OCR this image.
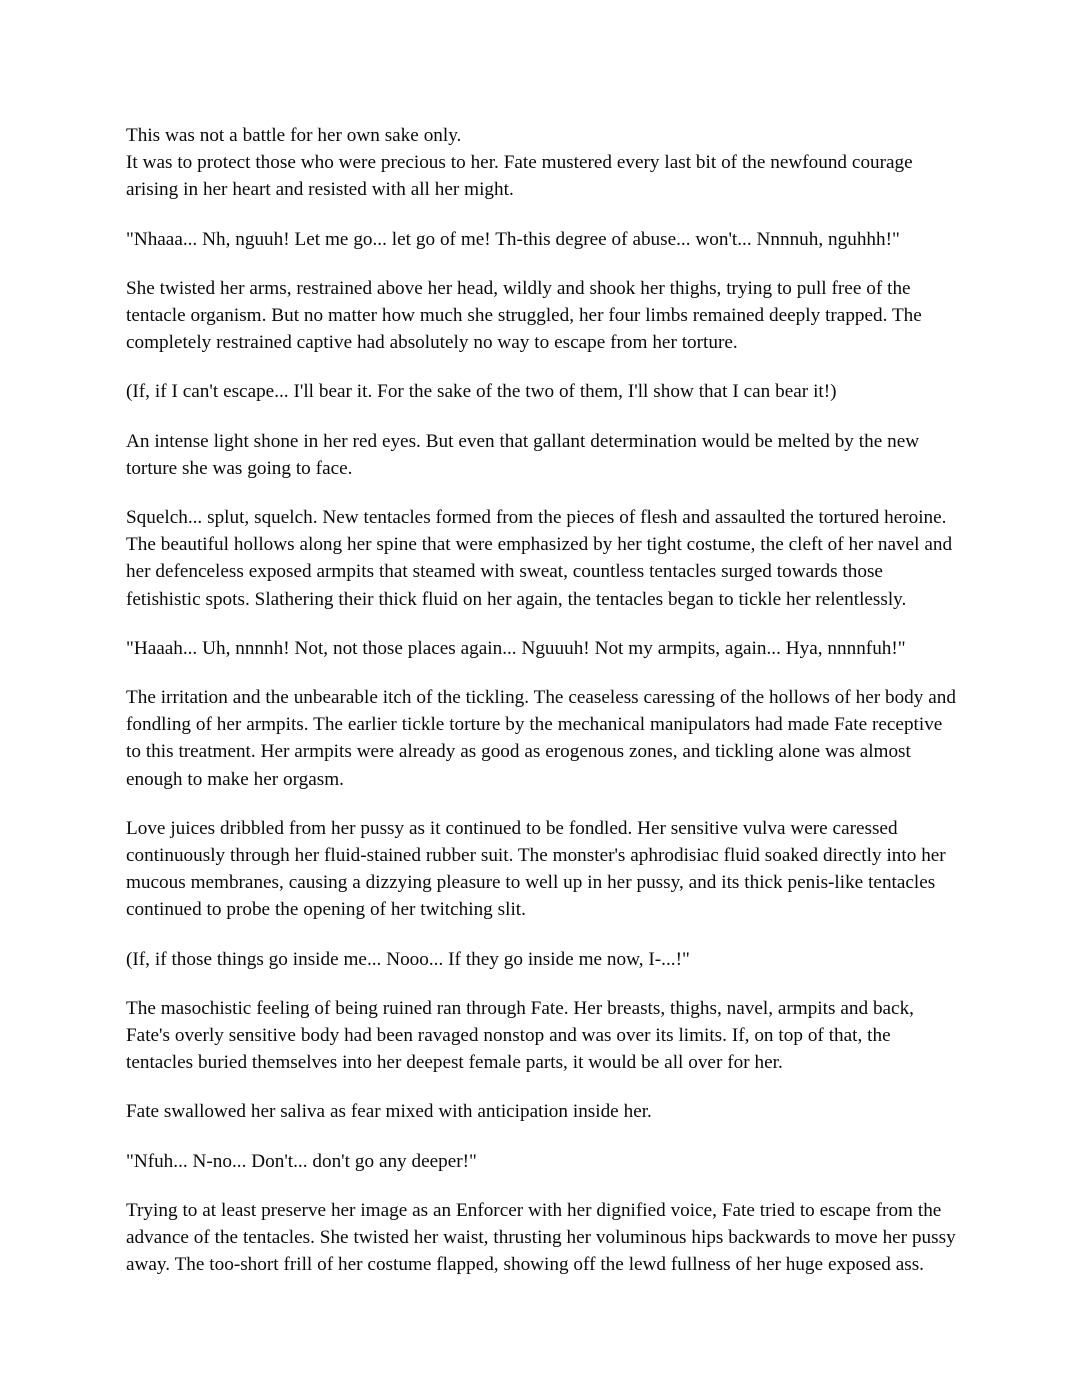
This was not a battle for her own sake only.
It was to protect those who were precious to her. Fate mustered every last bit of the newfound courage arising in her heart and resisted with all her might.

"Nhaaa... Nh, nguuh! Let me go... let go of me! Th-this degree of abuse... won't... Nnnnuh, nguhhh!"

She twisted her arms, restrained above her head, wildly and shook her thighs, trying to pull free of the tentacle organism. But no matter how much she struggled, her four limbs remained deeply trapped. The completely restrained captive had absolutely no way to escape from her torture.

(If, if I can't escape... I'll bear it. For the sake of the two of them, I'll show that I can bear it!)

An intense light shone in her red eyes. But even that gallant determination would be melted by the new torture she was going to face.

Squelch... splut, squelch. New tentacles formed from the pieces of flesh and assaulted the tortured heroine. The beautiful hollows along her spine that were emphasized by her tight costume, the cleft of her navel and her defenceless exposed armpits that steamed with sweat, countless tentacles surged towards those fetishistic spots. Slathering their thick fluid on her again, the tentacles began to tickle her relentlessly.

"Haaah... Uh, nnnnh! Not, not those places again... Nguuuh! Not my armpits, again... Hya, nnnnfuh!"

The irritation and the unbearable itch of the tickling. The ceaseless caressing of the hollows of her body and fondling of her armpits. The earlier tickle torture by the mechanical manipulators had made Fate receptive to this treatment. Her armpits were already as good as erogenous zones, and tickling alone was almost enough to make her orgasm.

Love juices dribbled from her pussy as it continued to be fondled. Her sensitive vulva were caressed continuously through her fluid-stained rubber suit. The monster's aphrodisiac fluid soaked directly into her mucous membranes, causing a dizzying pleasure to well up in her pussy, and its thick penis-like tentacles continued to probe the opening of her twitching slit.

(If, if those things go inside me... Nooo... If they go inside me now, I-...!"

The masochistic feeling of being ruined ran through Fate. Her breasts, thighs, navel, armpits and back, Fate's overly sensitive body had been ravaged nonstop and was over its limits. If, on top of that, the tentacles buried themselves into her deepest female parts, it would be all over for her.

Fate swallowed her saliva as fear mixed with anticipation inside her.

"Nfuh... N-no... Don't... don't go any deeper!"

Trying to at least preserve her image as an Enforcer with her dignified voice, Fate tried to escape from the advance of the tentacles. She twisted her waist, thrusting her voluminous hips backwards to move her pussy away. The too-short frill of her costume flapped, showing off the lewd fullness of her huge exposed ass.
